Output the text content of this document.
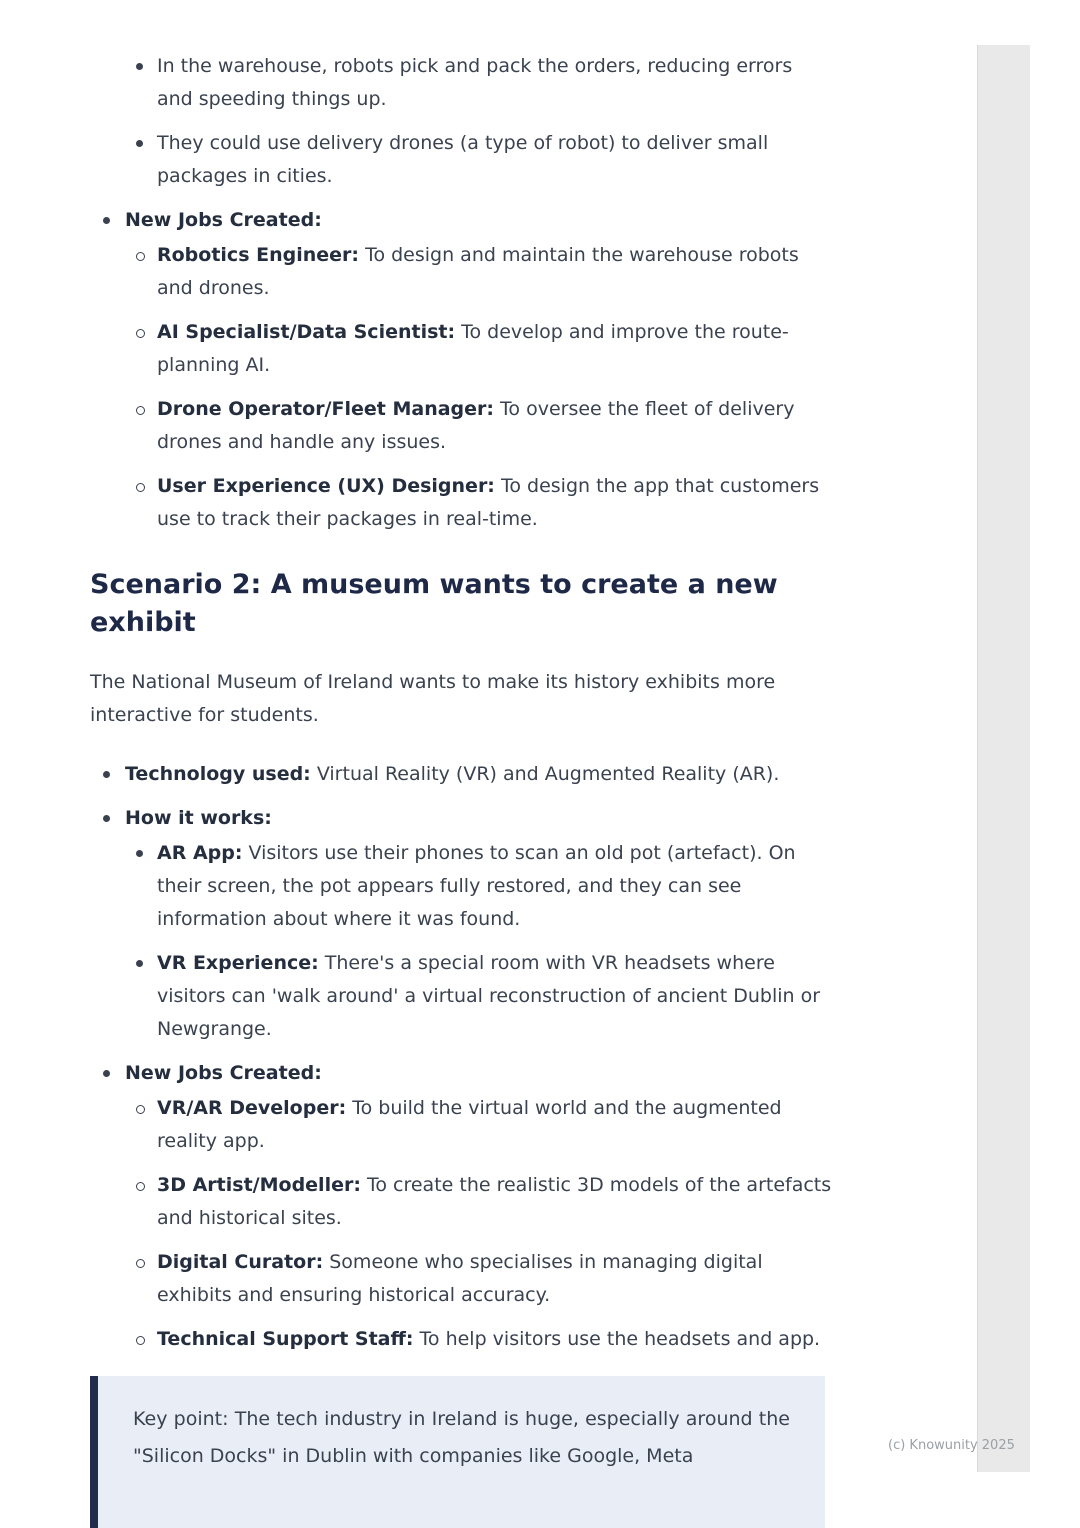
In the warehouse, robots pick and pack the orders, reducing errors and speeding things up.
They could use delivery drones (a type of robot) to deliver small packages in cities.
New Jobs Created:
Robotics Engineer: To design and maintain the warehouse robots and drones.
AI Specialist/Data Scientist: To develop and improve the route-planning AI.
Drone Operator/Fleet Manager: To oversee the fleet of delivery drones and handle any issues.
User Experience (UX) Designer: To design the app that customers use to track their packages in real-time.
Scenario 2: A museum wants to create a new exhibit

The National Museum of Ireland wants to make its history exhibits more interactive for students.

Technology used: Virtual Reality (VR) and Augmented Reality (AR).
How it works:
AR App: Visitors use their phones to scan an old pot (artefact). On their screen, the pot appears fully restored, and they can see information about where it was found.
VR Experience: There's a special room with VR headsets where visitors can 'walk around' a virtual reconstruction of ancient Dublin or Newgrange.
New Jobs Created:
VR/AR Developer: To build the virtual world and the augmented reality app.
3D Artist/Modeller: To create the realistic 3D models of the artefacts and historical sites.
Digital Curator: Someone who specialises in managing digital exhibits and ensuring historical accuracy.
Technical Support Staff: To help visitors use the headsets and app.
Key point: The tech industry in Ireland is huge, especially around the "Silicon Docks" in Dublin with companies like Google, Meta	(c) Knowunity 2025
